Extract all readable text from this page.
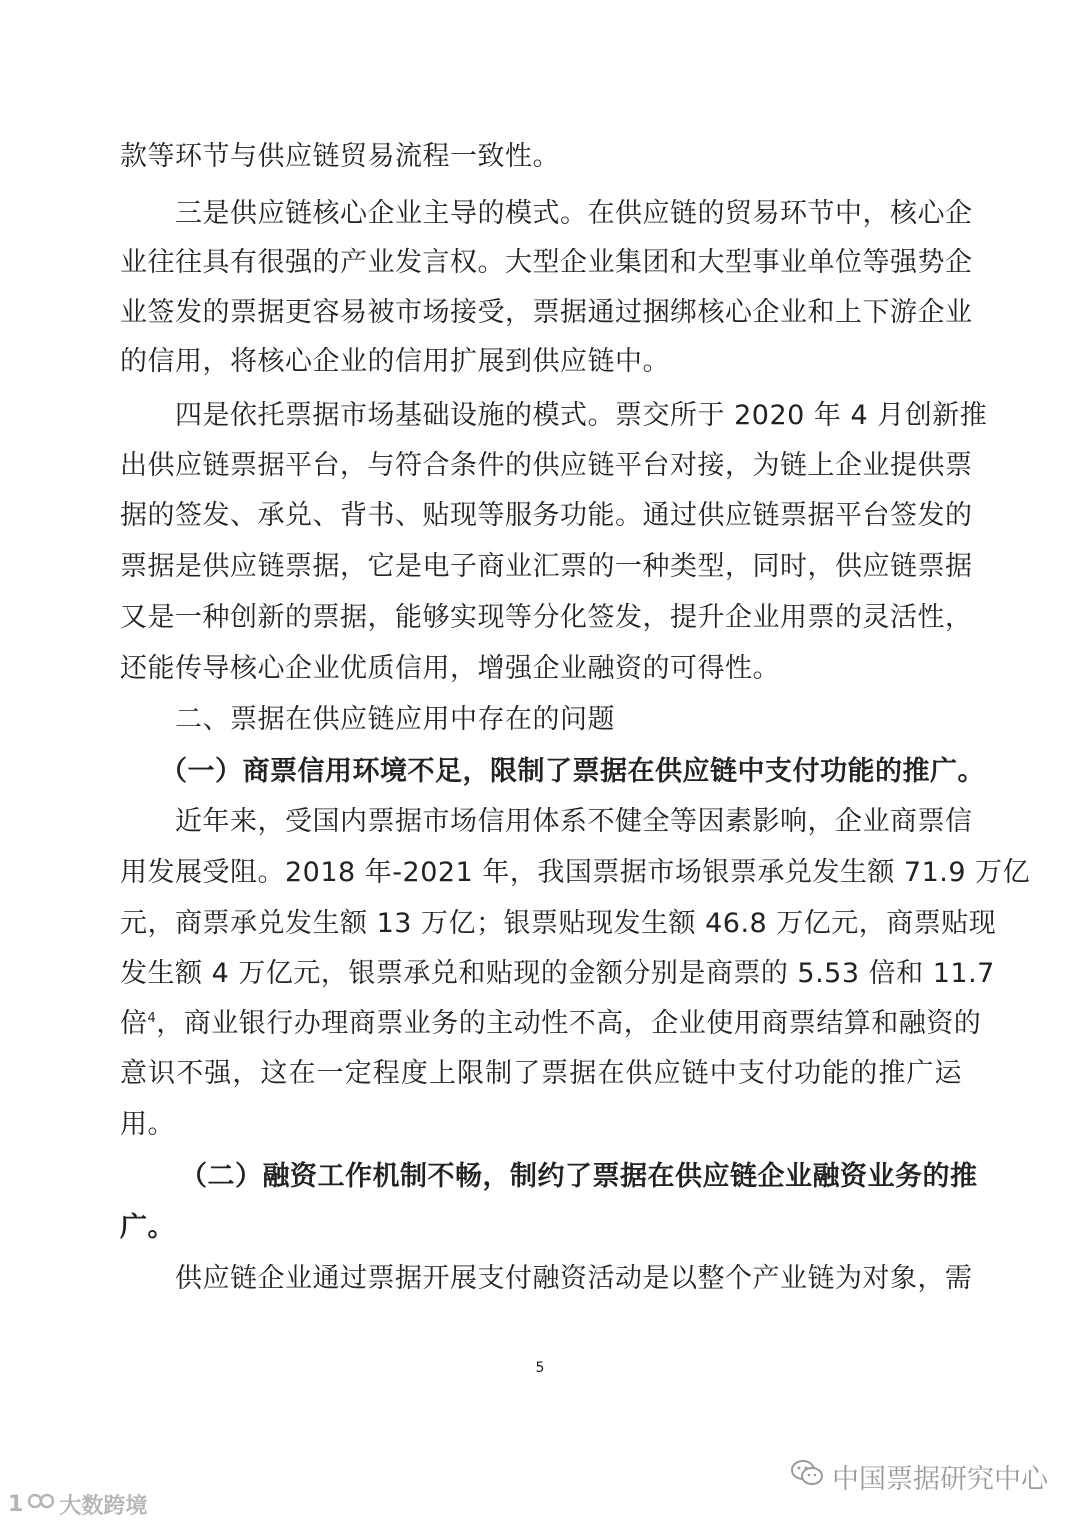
款等环节与供应链贸易流程一致性。
三是供应链核心企业主导的模式。在供应链的贸易环节中，核心企
业往往具有很强的产业发言权。大型企业集团和大型事业单位等强势企
业签发的票据更容易被市场接受，票据通过捆绑核心企业和上下游企业
的信用，将核心企业的信用扩展到供应链中。
四是依托票据市场基础设施的模式。票交所于 2020 年 4 月创新推
出供应链票据平台，与符合条件的供应链平台对接，为链上企业提供票
据的签发、承兑、背书、贴现等服务功能。通过供应链票据平台签发的
票据是供应链票据，它是电子商业汇票的一种类型，同时，供应链票据
又是一种创新的票据，能够实现等分化签发，提升企业用票的灵活性，
还能传导核心企业优质信用，增强企业融资的可得性。
二、票据在供应链应用中存在的问题
（一）商票信用环境不足，限制了票据在供应链中支付功能的推广。
近年来，受国内票据市场信用体系不健全等因素影响，企业商票信
用发展受阻。2018 年-2021 年，我国票据市场银票承兑发生额 71.9 万亿
元，商票承兑发生额 13 万亿；银票贴现发生额 46.8 万亿元，商票贴现
发生额 4 万亿元，银票承兑和贴现的金额分别是商票的 5.53 倍和 11.7
倍$^4$，商业银行办理商票业务的主动性不高，企业使用商票结算和融资的
意识不强，这在一定程度上限制了票据在供应链中支付功能的推广运
用。
（二）融资工作机制不畅，制约了票据在供应链企业融资业务的推
广。
供应链企业通过票据开展支付融资活动是以整个产业链为对象，需
5
中国票据研究中心
1 大数跨境
